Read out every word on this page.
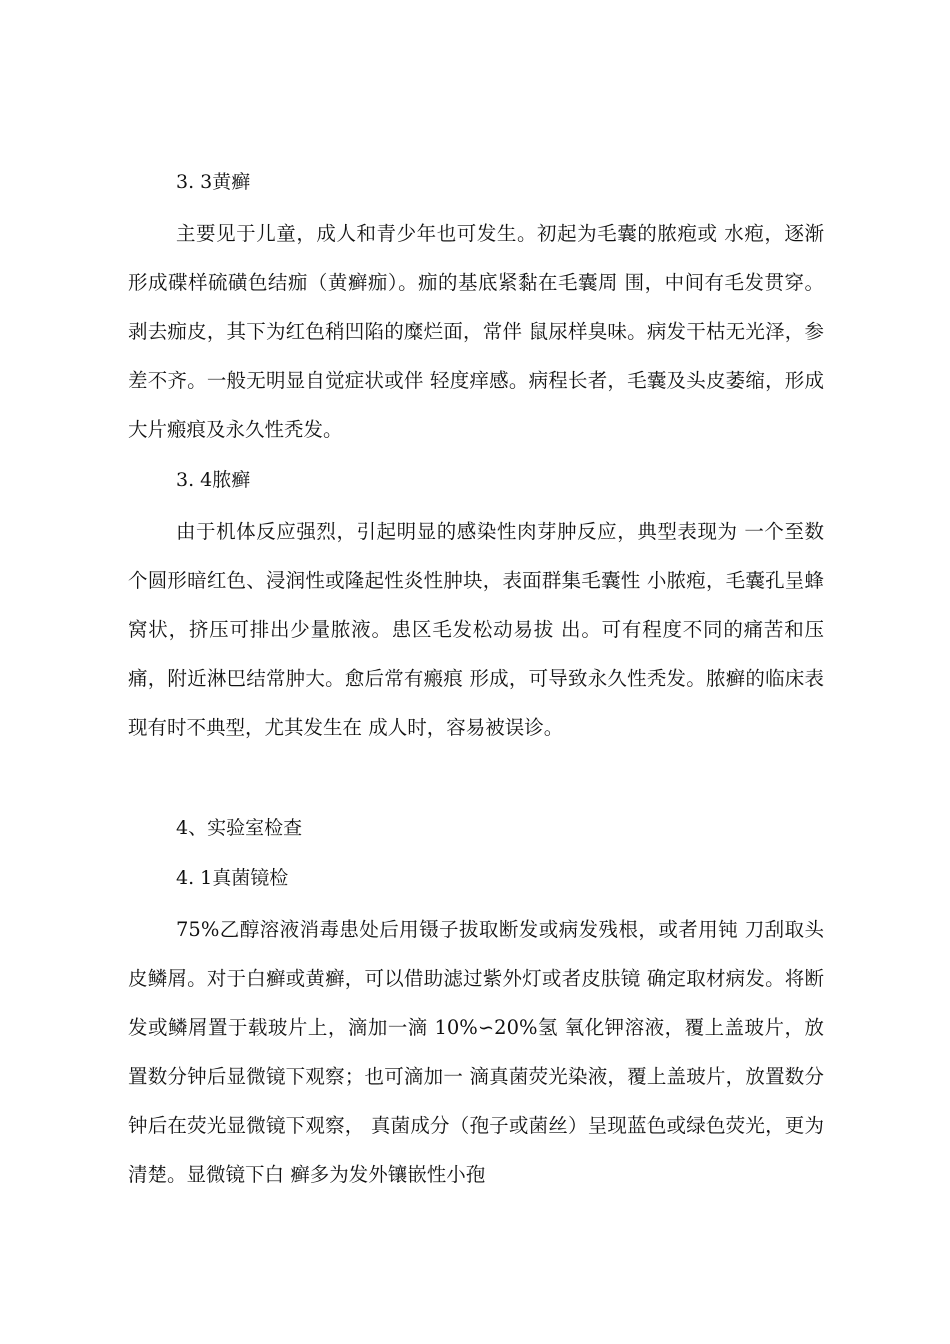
3. 3黄癣

主要见于儿童，成人和青少年也可发生。初起为毛囊的脓疱或 水疱，逐渐形成碟样硫磺色结痂（黄癣痂）。痂的基底紧黏在毛囊周 围，中间有毛发贯穿。剥去痂皮，其下为红色稍凹陷的糜烂面，常伴 鼠尿样臭味。病发干枯无光泽，参差不齐。一般无明显自觉症状或伴 轻度痒感。病程长者，毛囊及头皮萎缩，形成大片瘢痕及永久性秃发。

3. 4脓癣

由于机体反应强烈，引起明显的感染性肉芽肿反应，典型表现为 一个至数个圆形暗红色、浸润性或隆起性炎性肿块，表面群集毛囊性 小脓疱，毛囊孔呈蜂窝状，挤压可排出少量脓液。患区毛发松动易拔 出。可有程度不同的痛苦和压痛，附近淋巴结常肿大。愈后常有瘢痕 形成，可导致永久性秃发。脓癣的临床表现有时不典型，尤其发生在 成人时，容易被误诊。

4、实验室检查
4. 1真菌镜检

75%乙醇溶液消毒患处后用镊子拔取断发或病发残根，或者用钝 刀刮取头皮鳞屑。对于白癣或黄癣，可以借助滤过紫外灯或者皮肤镜 确定取材病发。将断发或鳞屑置于载玻片上，滴加一滴 10%∽20%氢 氧化钾溶液，覆上盖玻片，放置数分钟后显微镜下观察；也可滴加一 滴真菌荧光染液，覆上盖玻片，放置数分钟后在荧光显微镜下观察， 真菌成分（孢子或菌丝）呈现蓝色或绿色荧光，更为清楚。显微镜下白 癣多为发外镶嵌性小孢
